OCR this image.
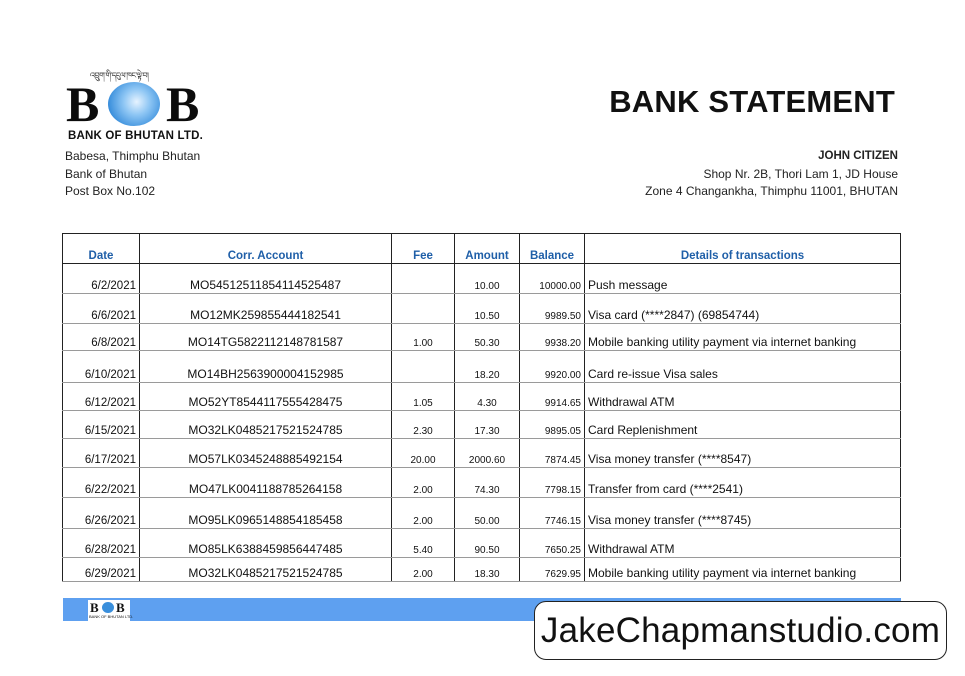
འབྲུག་གི་དངུལ་ཁང་ལྟེ་བ།
B B
BANK OF BHUTAN LTD.
Babesa, Thimphu Bhutan
Bank of Bhutan
Post Box No.102
BANK STATEMENT
JOHN CITIZEN
Shop Nr. 2B, Thori Lam 1, JD House
Zone 4 Changankha, Thimphu 11001, BHUTAN
Date	Corr. Account	Fee	Amount	Balance	Details of transactions
6/2/2021	MO54512511854114525487		10.00	10000.00	Push message
6/6/2021	MO12MK259855444182541		10.50	9989.50	Visa card (****2847) (69854744)
6/8/2021	MO14TG5822112148781587	1.00	50.30	9938.20	Mobile banking utility payment via internet banking
6/10/2021	MO14BH2563900004152985		18.20	9920.00	Card re-issue Visa sales
6/12/2021	MO52YT8544117555428475	1.05	4.30	9914.65	Withdrawal ATM
6/15/2021	MO32LK0485217521524785	2.30	17.30	9895.05	Card Replenishment
6/17/2021	MO57LK0345248885492154	20.00	2000.60	7874.45	Visa money transfer (****8547)
6/22/2021	MO47LK0041188785264158	2.00	74.30	7798.15	Transfer from card (****2541)
6/26/2021	MO95LK0965148854185458	2.00	50.00	7746.15	Visa money transfer (****8745)
6/28/2021	MO85LK6388459856447485	5.40	90.50	7650.25	Withdrawal ATM
6/29/2021	MO32LK0485217521524785	2.00	18.30	7629.95	Mobile banking utility payment via internet banking
B B
BANK OF BHUTAN LTD.	JakeChapmanstudio.com
